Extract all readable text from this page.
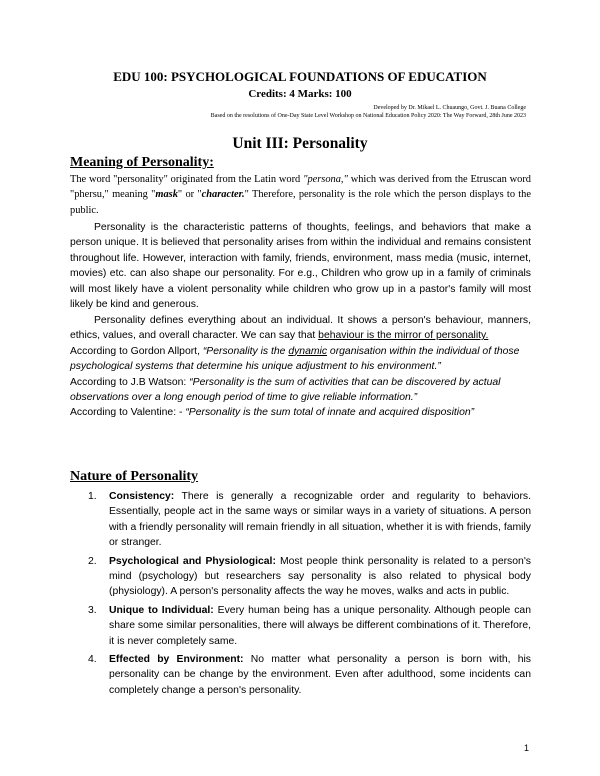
EDU 100: PSYCHOLOGICAL FOUNDATIONS OF EDUCATION
Credits: 4 Marks: 100
Developed by Dr. Mikael L. Chuaungo, Govt. J. Buana College
Based on the resolutions of One-Day State Level Workshop on National Education Policy 2020: The Way Forward, 28th June 2023
Unit III: Personality
Meaning of Personality:
The word "personality" originated from the Latin word "persona," which was derived from the Etruscan word "phersu," meaning "mask" or "character." Therefore, personality is the role which the person displays to the public.
Personality is the characteristic patterns of thoughts, feelings, and behaviors that make a person unique. It is believed that personality arises from within the individual and remains consistent throughout life. However, interaction with family, friends, environment, mass media (music, internet, movies) etc. can also shape our personality. For e.g., Children who grow up in a family of criminals will most likely have a violent personality while children who grow up in a pastor's family will most likely be kind and generous.
Personality defines everything about an individual. It shows a person's behaviour, manners, ethics, values, and overall character. We can say that behaviour is the mirror of personality.
According to Gordon Allport, “Personality is the dynamic organisation within the individual of those psychological systems that determine his unique adjustment to his environment.”
According to J.B Watson: “Personality is the sum of activities that can be discovered by actual observations over a long enough period of time to give reliable information.”
According to Valentine: - “Personality is the sum total of innate and acquired disposition”
Nature of Personality
1. Consistency: There is generally a recognizable order and regularity to behaviors. Essentially, people act in the same ways or similar ways in a variety of situations. A person with a friendly personality will remain friendly in all situation, whether it is with friends, family or stranger.
2. Psychological and Physiological: Most people think personality is related to a person's mind (psychology) but researchers say personality is also related to physical body (physiology). A person's personality affects the way he moves, walks and acts in public.
3. Unique to Individual: Every human being has a unique personality. Although people can share some similar personalities, there will always be different combinations of it. Therefore, it is never completely same.
4. Effected by Environment: No matter what personality a person is born with, his personality can be change by the environment. Even after adulthood, some incidents can completely change a person's personality.
1
